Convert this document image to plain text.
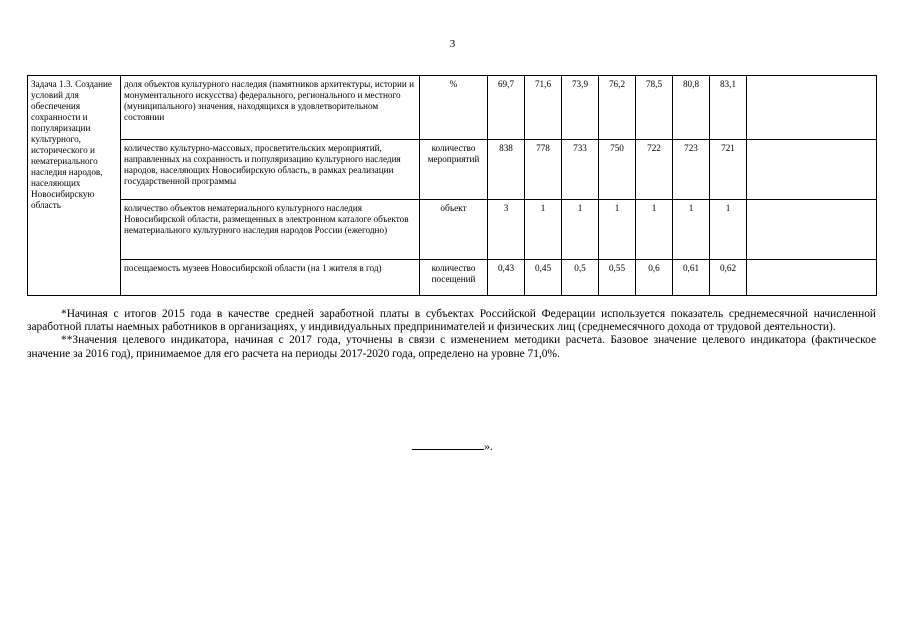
3
Задача 1.3. Создание условий для обеспечения сохранности и популяризации культурного, исторического и нематериального наследия народов, населяющих Новосибирскую область	доля объектов культурного наследия (памятников архитектуры, истории и монументального искусства) федерального, регионального и местного (муниципального) значения, находящихся в удовлетворительном состоянии	%	69,7	71,6	73,9	76,2	78,5	80,8	83,1	
	количество культурно-массовых, просветительских мероприятий, направленных на сохранность и популяризацию культурного наследия народов, населяющих Новосибирскую область, в рамках реализации государственной программы	количество мероприятий	838	778	733	750	722	723	721	
	количество объектов нематериального культурного наследия Новосибирской области, размещенных в электронном каталоге объектов нематериального культурного наследия народов России (ежегодно)	объект	3	1	1	1	1	1	1	
	посещаемость музеев Новосибирской области (на 1 жителя в год)	количество посещений	0,43	0,45	0,5	0,55	0,6	0,61	0,62	

*Начиная с итогов 2015 года в качестве средней заработной платы в субъектах Российской Федерации используется показатель среднемесячной начисленной заработной платы наемных работников в организациях, у индивидуальных предпринимателей и физических лиц (среднемесячного дохода от трудовой деятельности).

**Значения целевого индикатора, начиная с 2017 года, уточнены в связи с изменением методики расчета. Базовое значение целевого индикатора (фактическое значение за 2016 год), принимаемое для его расчета на периоды 2017-2020 года, определено на уровне 71,0%.

».
